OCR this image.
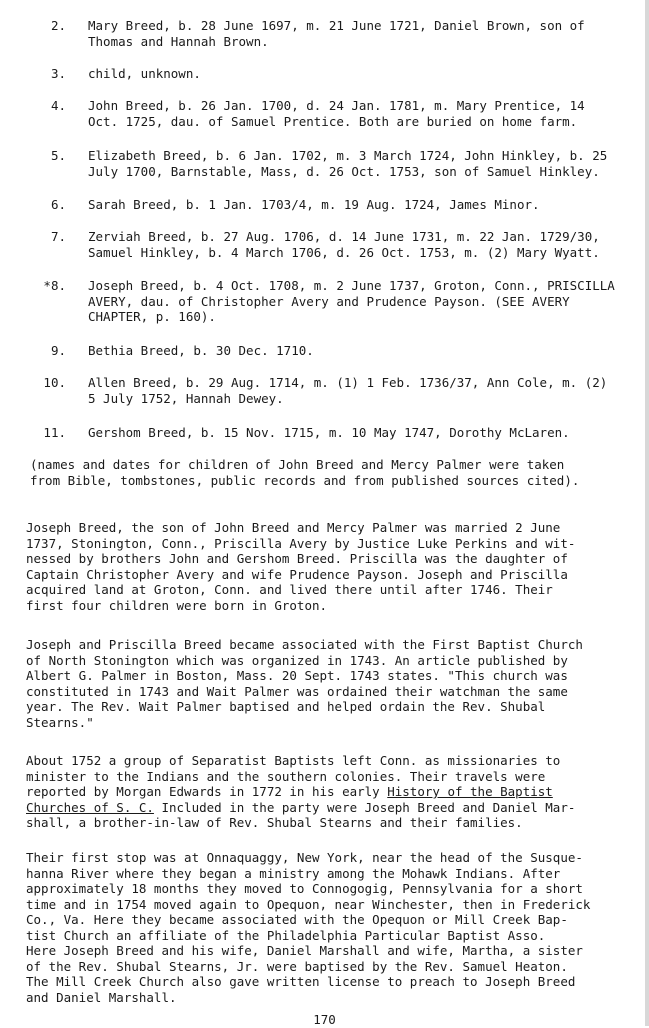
2.	Mary Breed, b. 28 June 1697, m. 21 June 1721, Daniel Brown, son of
Thomas and Hannah Brown.
3.	child, unknown.
4.	John Breed, b. 26 Jan. 1700, d. 24 Jan. 1781, m. Mary Prentice, 14
Oct. 1725, dau. of Samuel Prentice. Both are buried on home farm.
5.	Elizabeth Breed, b. 6 Jan. 1702, m. 3 March 1724, John Hinkley, b. 25
July 1700, Barnstable, Mass, d. 26 Oct. 1753, son of Samuel Hinkley.
6.	Sarah Breed, b. 1 Jan. 1703/4, m. 19 Aug. 1724, James Minor.
7.	Zerviah Breed, b. 27 Aug. 1706, d. 14 June 1731, m. 22 Jan. 1729/30,
Samuel Hinkley, b. 4 March 1706, d. 26 Oct. 1753, m. (2) Mary Wyatt.
*8.	Joseph Breed, b. 4 Oct. 1708, m. 2 June 1737, Groton, Conn., PRISCILLA
AVERY, dau. of Christopher Avery and Prudence Payson. (SEE AVERY
CHAPTER, p. 160).
9.	Bethia Breed, b. 30 Dec. 1710.
10.	Allen Breed, b. 29 Aug. 1714, m. (1) 1 Feb. 1736/37, Ann Cole, m. (2)
5 July 1752, Hannah Dewey.
11.	Gershom Breed, b. 15 Nov. 1715, m. 10 May 1747, Dorothy McLaren.
(names and dates for children of John Breed and Mercy Palmer were taken
from Bible, tombstones, public records and from published sources cited).
Joseph Breed, the son of John Breed and Mercy Palmer was married 2 June
1737, Stonington, Conn., Priscilla Avery by Justice Luke Perkins and wit-
nessed by brothers John and Gershom Breed. Priscilla was the daughter of
Captain Christopher Avery and wife Prudence Payson. Joseph and Priscilla
acquired land at Groton, Conn. and lived there until after 1746. Their
first four children were born in Groton.
Joseph and Priscilla Breed became associated with the First Baptist Church
of North Stonington which was organized in 1743. An article published by
Albert G. Palmer in Boston, Mass. 20 Sept. 1743 states. "This church was
constituted in 1743 and Wait Palmer was ordained their watchman the same
year. The Rev. Wait Palmer baptised and helped ordain the Rev. Shubal
Stearns."
About 1752 a group of Separatist Baptists left Conn. as missionaries to
minister to the Indians and the southern colonies. Their travels were
reported by Morgan Edwards in 1772 in his early History of the Baptist
Churches of S. C. Included in the party were Joseph Breed and Daniel Mar-
shall, a brother-in-law of Rev. Shubal Stearns and their families.
Their first stop was at Onnaquaggy, New York, near the head of the Susque-
hanna River where they began a ministry among the Mohawk Indians. After
approximately 18 months they moved to Connogogig, Pennsylvania for a short
time and in 1754 moved again to Opequon, near Winchester, then in Frederick
Co., Va. Here they became associated with the Opequon or Mill Creek Bap-
tist Church an affiliate of the Philadelphia Particular Baptist Asso.
Here Joseph Breed and his wife, Daniel Marshall and wife, Martha, a sister
of the Rev. Shubal Stearns, Jr. were baptised by the Rev. Samuel Heaton.
The Mill Creek Church also gave written license to preach to Joseph Breed
and Daniel Marshall.
170
